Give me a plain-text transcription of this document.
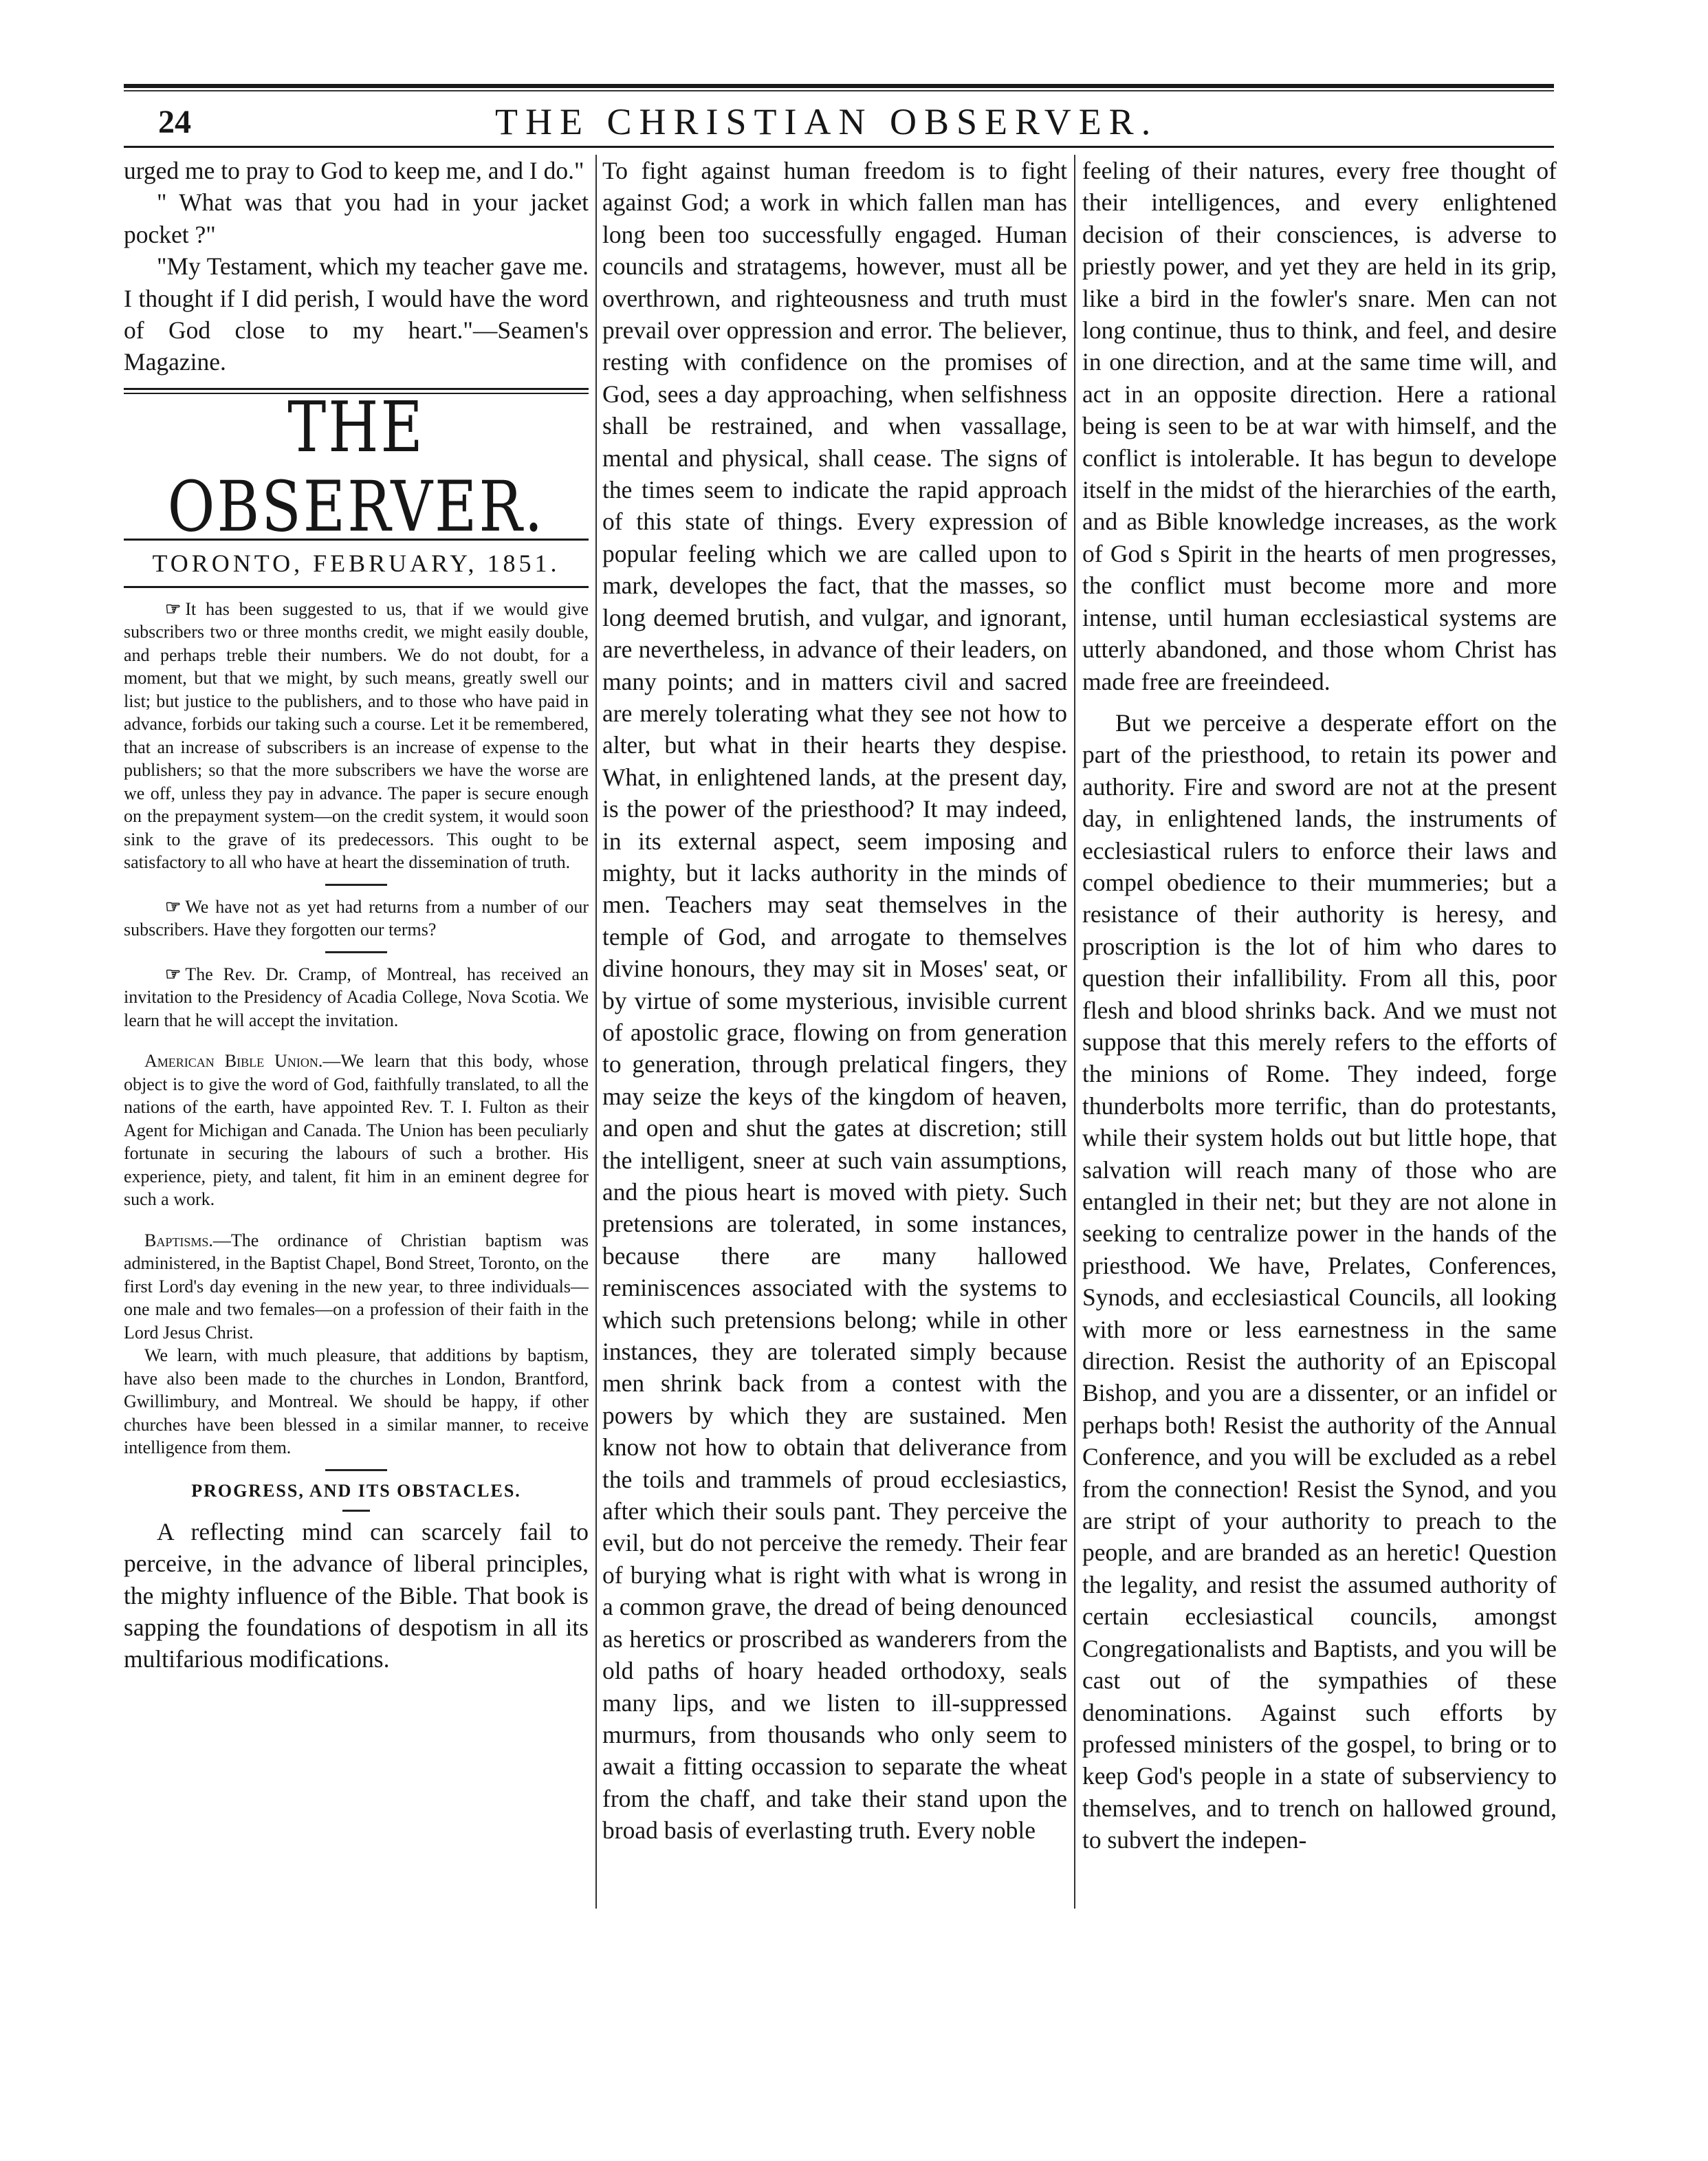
24	THE CHRISTIAN OBSERVER.

urged me to pray to God to keep me, and I do."

" What was that you had in your jacket pocket ?"

"My Testament, which my teacher gave me. I thought if I did perish, I would have the word of God close to my heart."—Seamen's Magazine.

THE OBSERVER.
TORONTO, FEBRUARY, 1851.

☞ It has been suggested to us, that if we would give subscribers two or three months credit, we might easily double, and perhaps treble their numbers. We do not doubt, for a moment, but that we might, by such means, greatly swell our list; but justice to the publishers, and to those who have paid in advance, forbids our taking such a course. Let it be remembered, that an increase of subscribers is an increase of expense to the publishers; so that the more subscribers we have the worse are we off, unless they pay in advance. The paper is secure enough on the prepayment system—on the credit system, it would soon sink to the grave of its predecessors. This ought to be satisfactory to all who have at heart the dissemination of truth.

☞ We have not as yet had returns from a number of our subscribers. Have they forgotten our terms?

☞ The Rev. Dr. Cramp, of Montreal, has received an invitation to the Presidency of Acadia College, Nova Scotia. We learn that he will accept the invitation.

American Bible Union.—We learn that this body, whose object is to give the word of God, faithfully translated, to all the nations of the earth, have appointed Rev. T. I. Fulton as their Agent for Michigan and Canada. The Union has been peculiarly fortunate in securing the labours of such a brother. His experience, piety, and talent, fit him in an eminent degree for such a work.

Baptisms.—The ordinance of Christian baptism was administered, in the Baptist Chapel, Bond Street, Toronto, on the first Lord's day evening in the new year, to three individuals—one male and two females—on a profession of their faith in the Lord Jesus Christ.

We learn, with much pleasure, that additions by baptism, have also been made to the churches in London, Brantford, Gwillimbury, and Montreal. We should be happy, if other churches have been blessed in a similar manner, to receive intelligence from them.

PROGRESS, AND ITS OBSTACLES.

A reflecting mind can scarcely fail to perceive, in the advance of liberal principles, the mighty influence of the Bible. That book is sapping the foundations of despotism in all its multifarious modifications.

To fight against human freedom is to fight against God; a work in which fallen man has long been too successfully engaged. Human councils and stratagems, however, must all be overthrown, and righteousness and truth must prevail over oppression and error. The believer, resting with confidence on the promises of God, sees a day approaching, when selfishness shall be restrained, and when vassallage, mental and physical, shall cease. The signs of the times seem to indicate the rapid approach of this state of things. Every expression of popular feeling which we are called upon to mark, developes the fact, that the masses, so long deemed brutish, and vulgar, and ignorant, are nevertheless, in advance of their leaders, on many points; and in matters civil and sacred are merely tolerating what they see not how to alter, but what in their hearts they despise. What, in enlightened lands, at the present day, is the power of the priesthood? It may indeed, in its external aspect, seem imposing and mighty, but it lacks authority in the minds of men. Teachers may seat themselves in the temple of God, and arrogate to themselves divine honours, they may sit in Moses' seat, or by virtue of some mysterious, invisible current of apostolic grace, flowing on from generation to generation, through prelatical fingers, they may seize the keys of the kingdom of heaven, and open and shut the gates at discretion; still the intelligent, sneer at such vain assumptions, and the pious heart is moved with piety. Such pretensions are tolerated, in some instances, because there are many hallowed reminiscences associated with the systems to which such pretensions belong; while in other instances, they are tolerated simply because men shrink back from a contest with the powers by which they are sustained. Men know not how to obtain that deliverance from the toils and trammels of proud ecclesiastics, after which their souls pant. They perceive the evil, but do not perceive the remedy. Their fear of burying what is right with what is wrong in a common grave, the dread of being denounced as heretics or proscribed as wanderers from the old paths of hoary headed orthodoxy, seals many lips, and we listen to ill-suppressed murmurs, from thousands who only seem to await a fitting occassion to separate the wheat from the chaff, and take their stand upon the broad basis of everlasting truth. Every noble

feeling of their natures, every free thought of their intelligences, and every enlightened decision of their consciences, is adverse to priestly power, and yet they are held in its grip, like a bird in the fowler's snare. Men can not long continue, thus to think, and feel, and desire in one direction, and at the same time will, and act in an opposite direction. Here a rational being is seen to be at war with himself, and the conflict is intolerable. It has begun to develope itself in the midst of the hierarchies of the earth, and as Bible knowledge increases, as the work of God s Spirit in the hearts of men progresses, the conflict must become more and more intense, until human ecclesiastical systems are utterly abandoned, and those whom Christ has made free are freeindeed.

But we perceive a desperate effort on the part of the priesthood, to retain its power and authority. Fire and sword are not at the present day, in enlightened lands, the instruments of ecclesiastical rulers to enforce their laws and compel obedience to their mummeries; but a resistance of their authority is heresy, and proscription is the lot of him who dares to question their infallibility. From all this, poor flesh and blood shrinks back. And we must not suppose that this merely refers to the efforts of the minions of Rome. They indeed, forge thunderbolts more terrific, than do protestants, while their system holds out but little hope, that salvation will reach many of those who are entangled in their net; but they are not alone in seeking to centralize power in the hands of the priesthood. We have, Prelates, Conferences, Synods, and ecclesiastical Councils, all looking with more or less earnestness in the same direction. Resist the authority of an Episcopal Bishop, and you are a dissenter, or an infidel or perhaps both! Resist the authority of the Annual Conference, and you will be excluded as a rebel from the connection! Resist the Synod, and you are stript of your authority to preach to the people, and are branded as an heretic! Question the legality, and resist the assumed authority of certain ecclesiastical councils, amongst Congregationalists and Baptists, and you will be cast out of the sympathies of these denominations. Against such efforts by professed ministers of the gospel, to bring or to keep God's people in a state of subserviency to themselves, and to trench on hallowed ground, to subvert the indepen-
